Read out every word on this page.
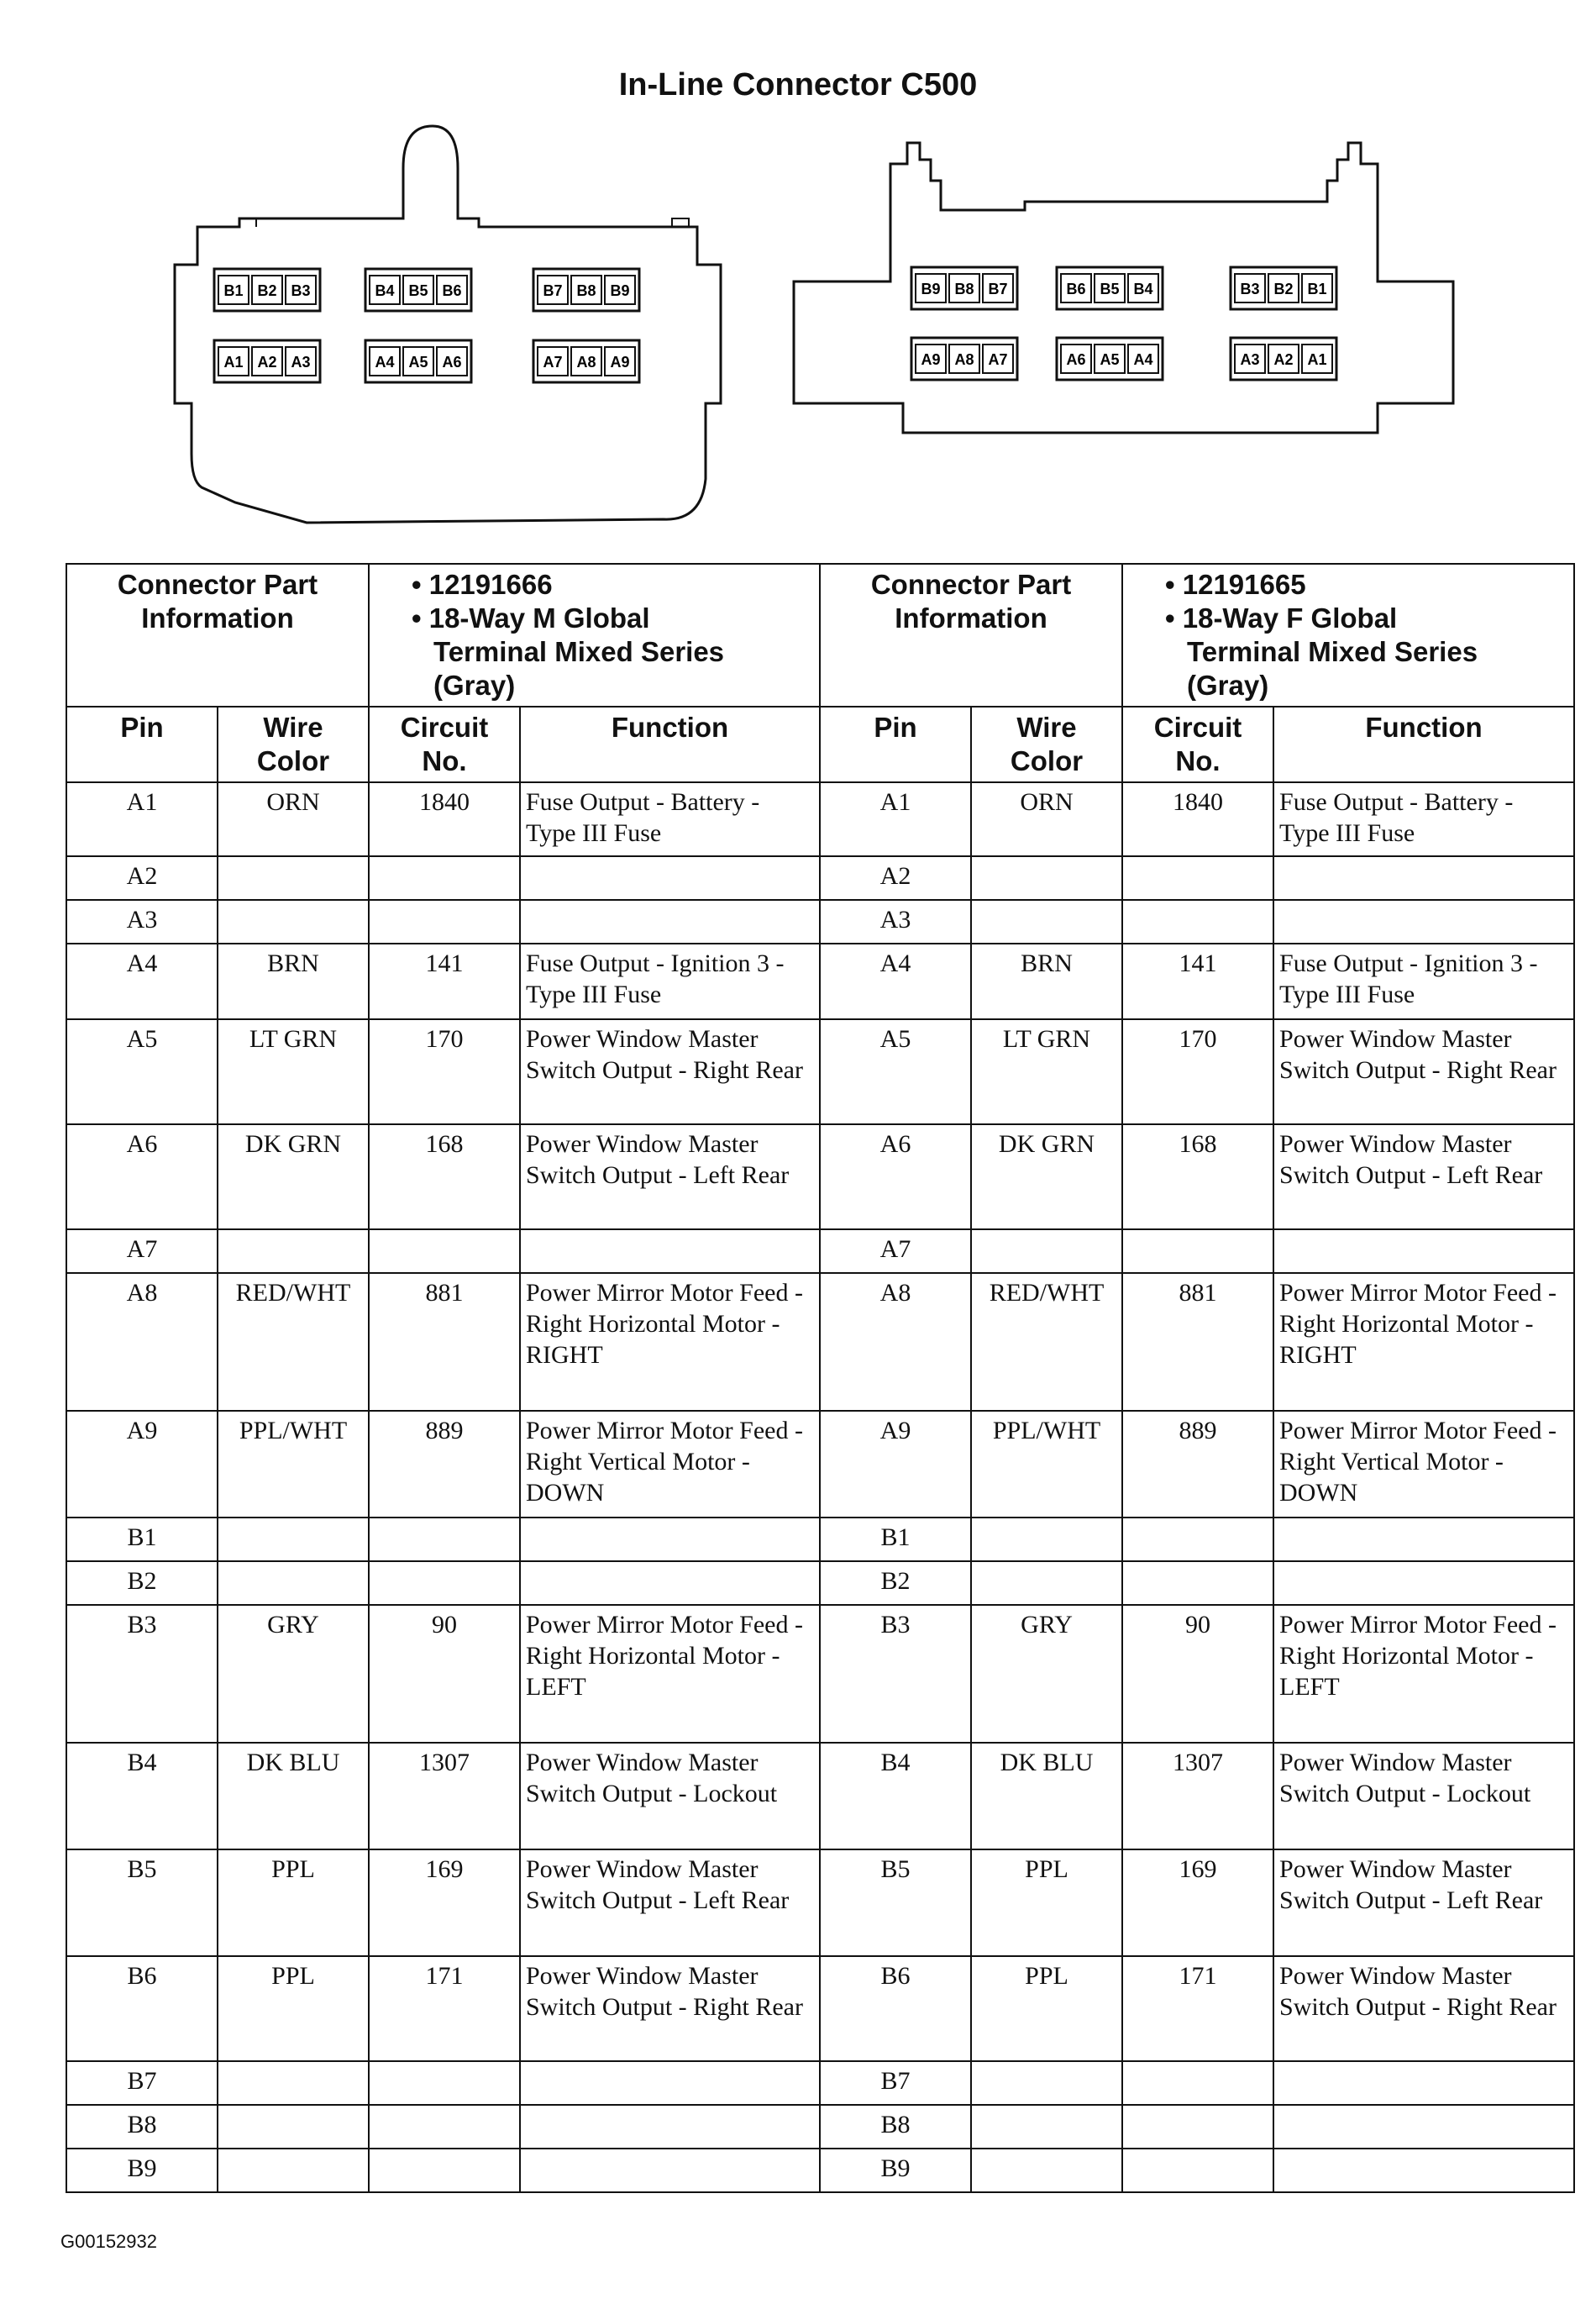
In-Line Connector C500
B1 B2 B3	B4 B5 B6	B7 B8 B9
A1 A2 A3	A4 A5 A6	A7 A8 A9
B9 B8 B7	B6 B5 B4	B3 B2 B1
A9 A8 A7	A6 A5 A4	A3 A2 A1
Connector Part Information		• 12191666
• 18-Way M Global
Terminal Mixed Series
(Gray)		Connector Part Information		• 12191665
• 18-Way F Global
Terminal Mixed Series
(Gray)	

Pin	Wire Color	Circuit No.	Function	Pin	Wire Color	Circuit No.	Function
A1	ORN	1840	Fuse Output - Battery - Type III Fuse	A1	ORN	1840	Fuse Output - Battery - Type III Fuse
A2				A2			
A3				A3			
A4	BRN	141	Fuse Output - Ignition 3 - Type III Fuse	A4	BRN	141	Fuse Output - Ignition 3 - Type III Fuse
A5	LT GRN	170	Power Window Master Switch Output - Right Rear	A5	LT GRN	170	Power Window Master Switch Output - Right Rear
A6	DK GRN	168	Power Window Master Switch Output - Left Rear	A6	DK GRN	168	Power Window Master Switch Output - Left Rear
A7				A7			
A8	RED/WHT	881	Power Mirror Motor Feed - Right Horizontal Motor - RIGHT	A8	RED/WHT	881	Power Mirror Motor Feed - Right Horizontal Motor - RIGHT
A9	PPL/WHT	889	Power Mirror Motor Feed - Right Vertical Motor - DOWN	A9	PPL/WHT	889	Power Mirror Motor Feed - Right Vertical Motor - DOWN
B1				B1			
B2				B2			
B3	GRY	90	Power Mirror Motor Feed - Right Horizontal Motor - LEFT	B3	GRY	90	Power Mirror Motor Feed - Right Horizontal Motor - LEFT
B4	DK BLU	1307	Power Window Master Switch Output - Lockout	B4	DK BLU	1307	Power Window Master Switch Output - Lockout
B5	PPL	169	Power Window Master Switch Output - Left Rear	B5	PPL	169	Power Window Master Switch Output - Left Rear
B6	PPL	171	Power Window Master Switch Output - Right Rear	B6	PPL	171	Power Window Master Switch Output - Right Rear
B7				B7			
B8				B8			
B9				B9			
G00152932
